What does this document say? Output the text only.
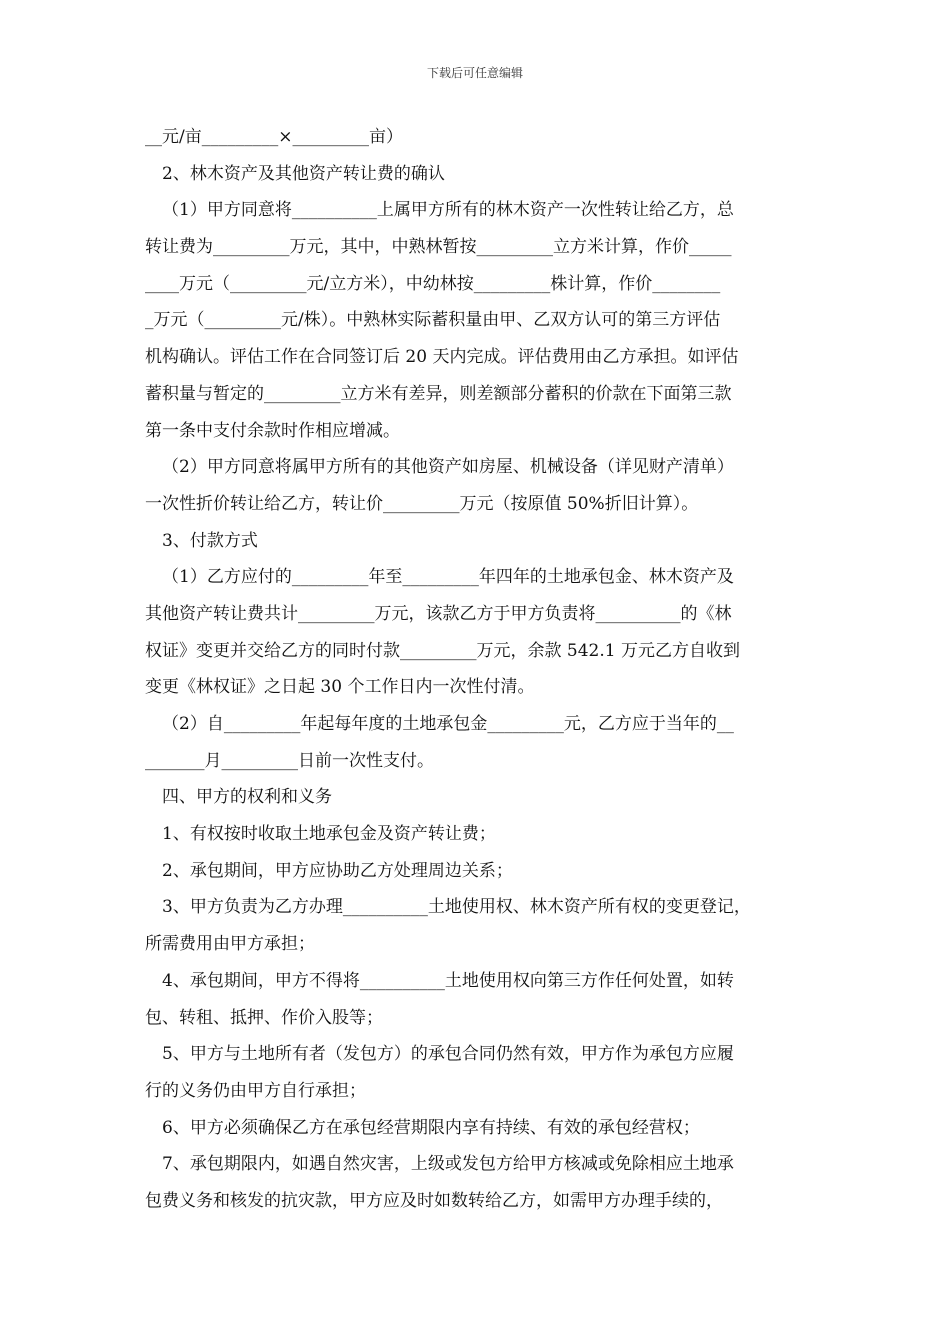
下载后可任意编辑
__元/亩_________×_________亩）
2、林木资产及其他资产转让费的确认
（1）甲方同意将__________上属甲方所有的林木资产一次性转让给乙方，总
转让费为_________万元，其中，中熟林暂按_________立方米计算，作价_____
____万元（_________元/立方米），中幼林按_________株计算，作价________
_万元（_________元/株）。中熟林实际蓄积量由甲、乙双方认可的第三方评估
机构确认。评估工作在合同签订后 20 天内完成。评估费用由乙方承担。如评估
蓄积量与暂定的_________立方米有差异，则差额部分蓄积的价款在下面第三款
第一条中支付余款时作相应增减。
（2）甲方同意将属甲方所有的其他资产如房屋、机械设备（详见财产清单）
一次性折价转让给乙方，转让价_________万元（按原值 50%折旧计算）。
3、付款方式
（1）乙方应付的_________年至_________年四年的土地承包金、林木资产及
其他资产转让费共计_________万元，该款乙方于甲方负责将__________的《林
权证》变更并交给乙方的同时付款_________万元，余款 542.1 万元乙方自收到
变更《林权证》之日起 30 个工作日内一次性付清。
（2）自_________年起每年度的土地承包金_________元，乙方应于当年的__
_______月_________日前一次性支付。
四、甲方的权利和义务
1、有权按时收取土地承包金及资产转让费；
2、承包期间，甲方应协助乙方处理周边关系；
3、甲方负责为乙方办理__________土地使用权、林木资产所有权的变更登记，
所需费用由甲方承担；
4、承包期间，甲方不得将__________土地使用权向第三方作任何处置，如转
包、转租、抵押、作价入股等；
5、甲方与土地所有者（发包方）的承包合同仍然有效，甲方作为承包方应履
行的义务仍由甲方自行承担；
6、甲方必须确保乙方在承包经营期限内享有持续、有效的承包经营权；
7、承包期限内，如遇自然灾害，上级或发包方给甲方核减或免除相应土地承
包费义务和核发的抗灾款，甲方应及时如数转给乙方，如需甲方办理手续的，
